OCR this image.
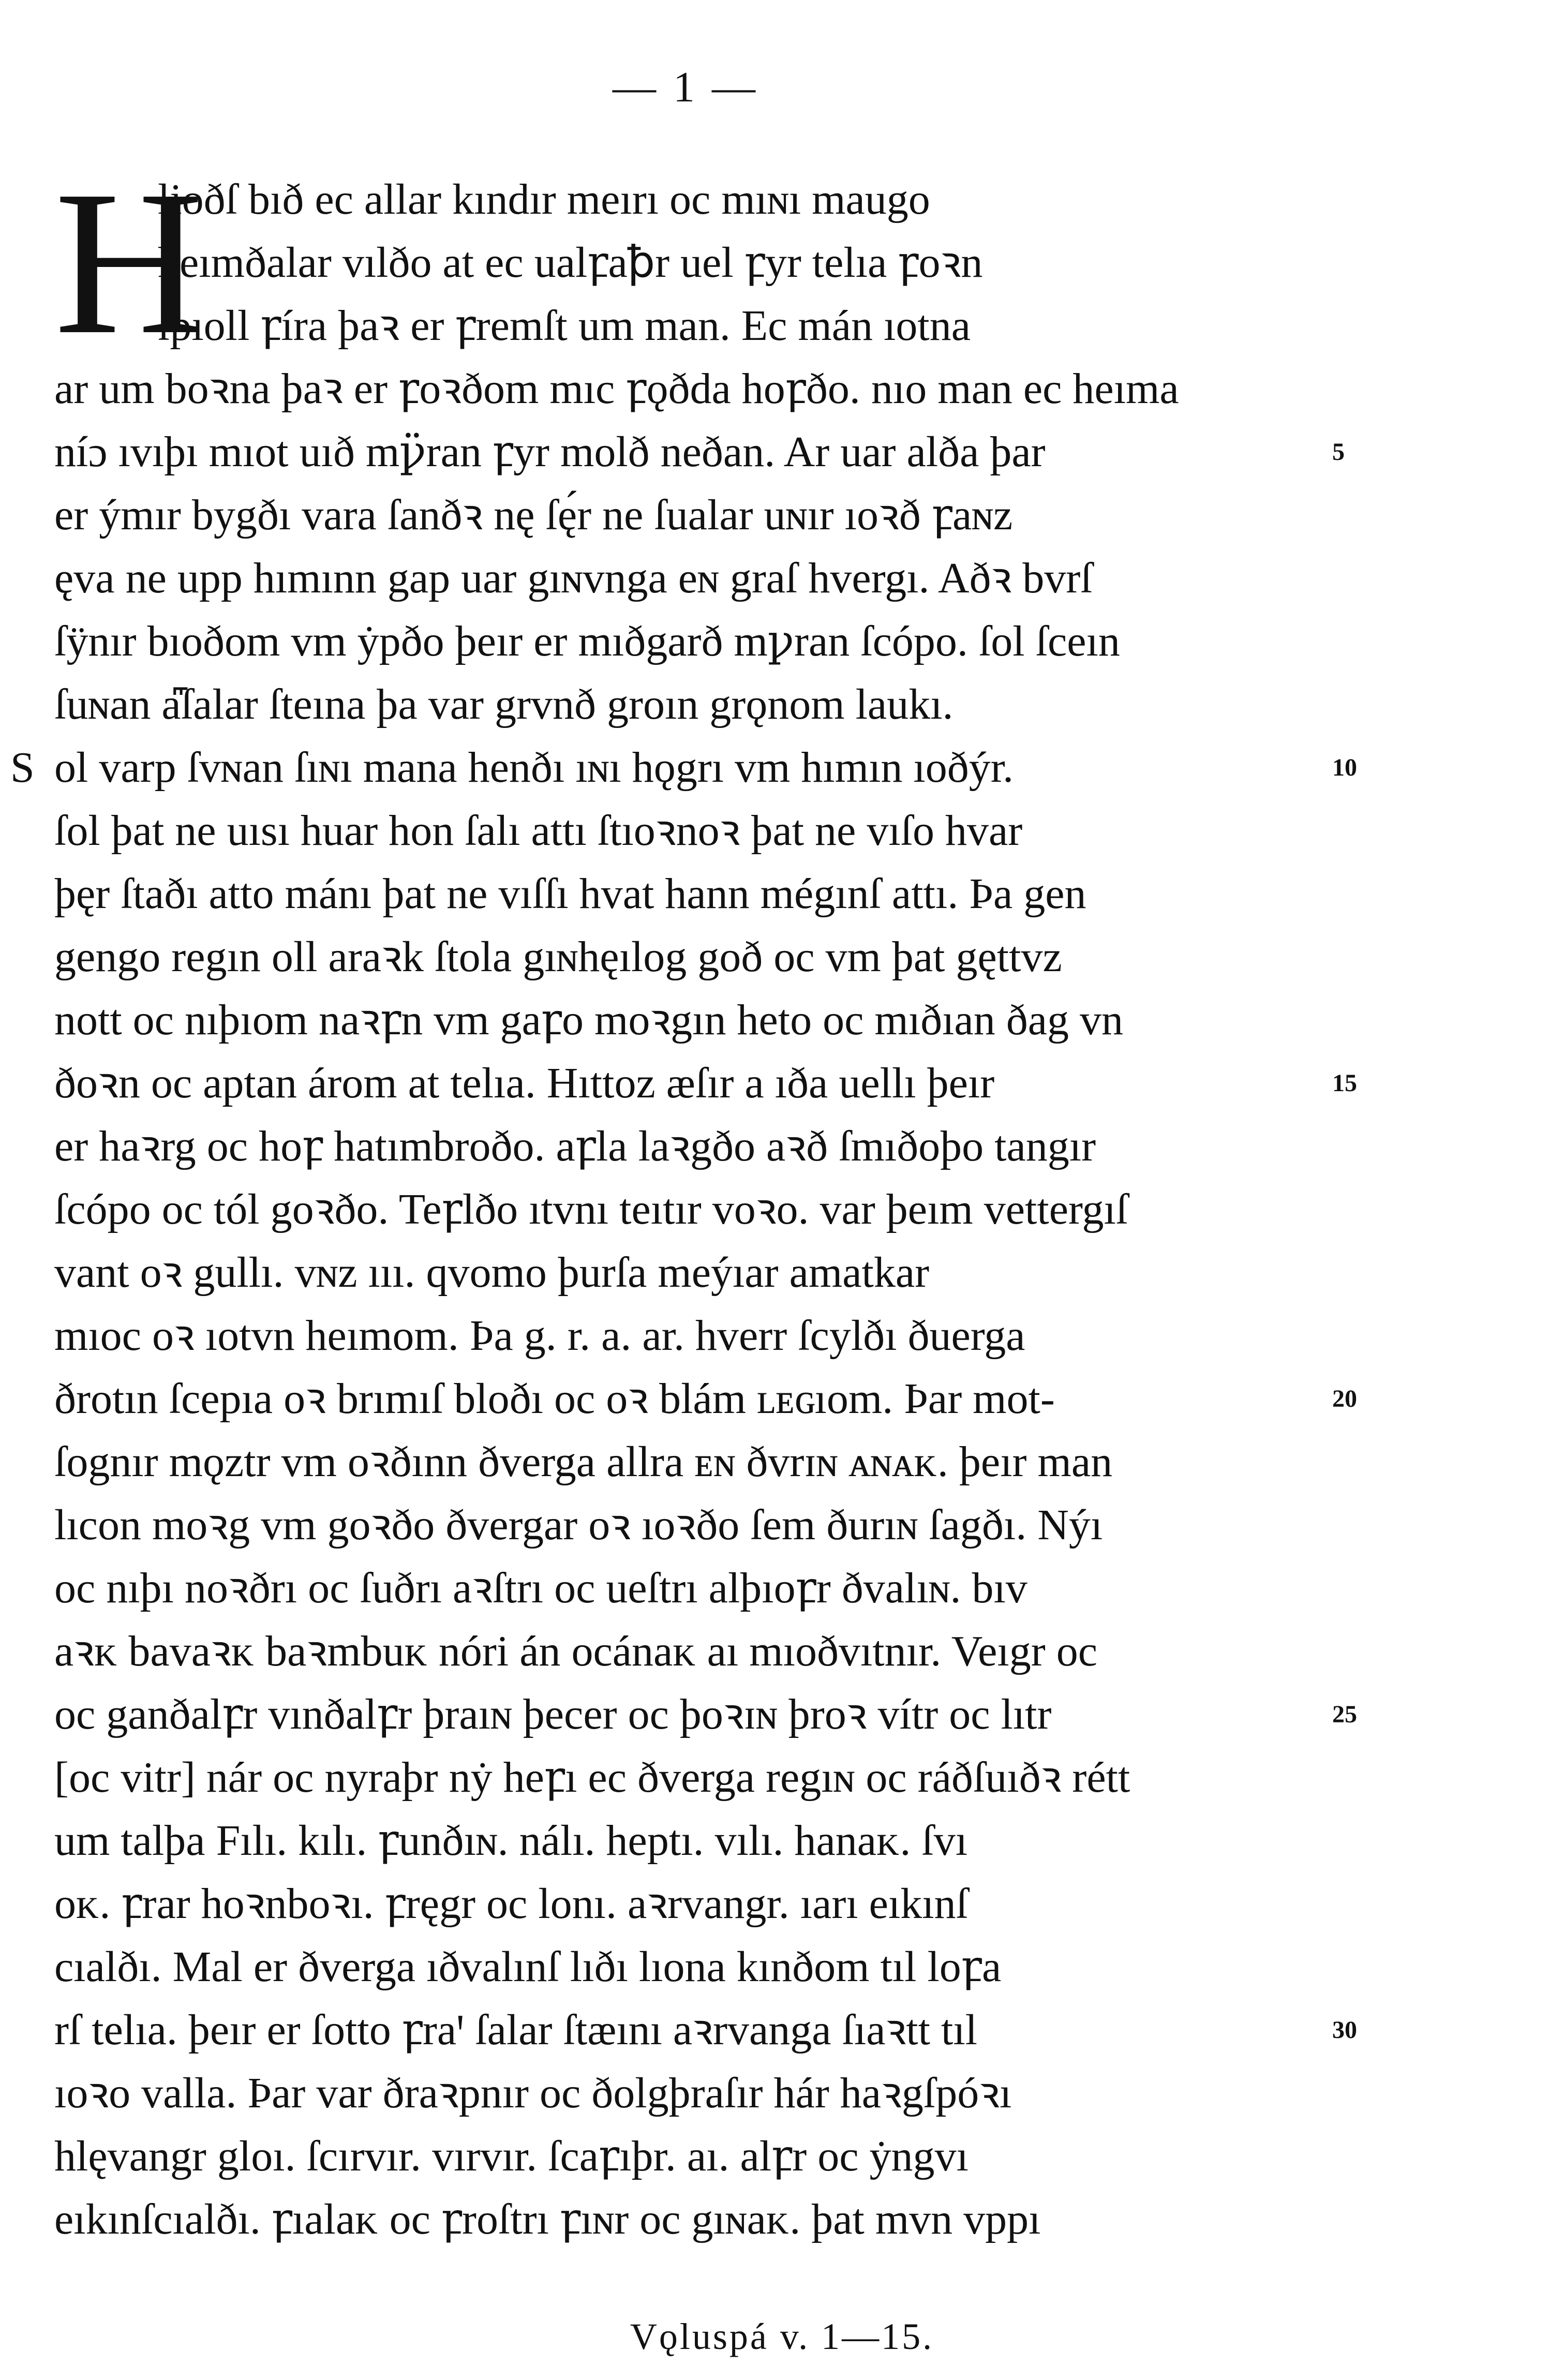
— 1 —
H
lioðſ bıð ec allar kındır meırı oc mıɴı maugo
heımðalar vılðo at ec ualꝼaꝥr uel ꝼyr telıa ꝼoꝛn
ſpıoll ꝼíra þaꝛ er ꝼremſt um man. Ec mán ıotna
ar um boꝛna þaꝛ er ꝼoꝛðom mıc ꝼǫðda hoꝼðo. nıo man ec heıma
níɔ ıvıþı mıot uıð mꝩ̈ran ꝼyr molð neðan. Ar uar alða þar
er ýmır bygðı vara ſanðꝛ nę ſę́r ne ſualar uɴır ıoꝛð ꝼaɴz
ęva ne upp hımınn gap uar gıɴvnga eɴ graſ hvergı. Aðꝛ bvrſ
ſÿnır bıoðom vm ẏpðo þeır er mıðgarð mꝩran ſcópo. ſol ſceın
ſuɴan a꜠ſalar ſteına þa var grvnð groın grǫnom laukı.
ol varp ſvɴan ſıɴı mana henðı ıɴı hǫgrı vm hımın ıoðýr.
ſol þat ne uısı huar hon ſalı attı ſtıoꝛnoꝛ þat ne vıſo hvar
þęr ſtaðı atto mánı þat ne vıſſı hvat hann mégınſ attı. Þa gen
gengo regın oll araꝛk ſtola gıɴhęılog goð oc vm þat gęttvz
nott oc nıþıom naꝛꝼn vm gaꝼo moꝛgın heto oc mıðıan ðag vn
ðoꝛn oc aptan árom at telıa. Hıttoz æſır a ıða uellı þeır
er haꝛrg oc hoꝼ hatımbroðo. aꝼla laꝛgðo aꝛð ſmıðoþo tangır
ſcópo oc tól goꝛðo. Teꝼlðo ıtvnı teıtır voꝛo. var þeım vettergıſ
vant oꝛ gullı. vɴz ııı. qvomo þurſa meýıar amatkar
mıoc oꝛ ıotvn heımom. Þa g. r. a. ar. hverr ſcylðı ðuerga
ðrotın ſcepıa oꝛ brımıſ bloðı oc oꝛ blám ʟᴇɢıom. Þar mot-
ſognır mǫztr vm oꝛðınn ðverga allra ᴇɴ ðvrɪɴ ᴀɴᴀᴋ. þeır man
lıcon moꝛg vm goꝛðo ðvergar oꝛ ıoꝛðo ſem ðurıɴ ſagðı. Nýı
oc nıþı noꝛðrı oc ſuðrı aꝛſtrı oc ueſtrı alþıoꝼr ðvalıɴ. bıv
aꝛᴋ bavaꝛᴋ baꝛmbuᴋ nóri án ocánaᴋ aı mıoðvıtnır. Veıgr oc
oc ganðalꝼr vınðalꝼr þraıɴ þecer oc þoꝛɪɴ þroꝛ vítr oc lıtr
[oc vitr] nár oc nyraþr nẏ heꝼı ec ðverga regıɴ oc ráðſuıðꝛ rétt
um talþa Fılı. kılı. ꝼunðıɴ. nálı. heptı. vılı. hanaᴋ. ſvı
oᴋ. ꝼrar hoꝛnboꝛı. ꝼręgr oc lonı. aꝛrvangr. ıarı eıkınſ
cıalðı. Mal er ðverga ıðvalınſ lıðı lıona kınðom tıl loꝼa
rſ telıa. þeır er ſotto ꝼraꞌ ſalar ſtæını aꝛrvanga ſıaꝛtt tıl
ıoꝛo valla. Þar var ðraꝛpnır oc ðolgþraſır hár haꝛgſpóꝛı
hlęvangr gloı. ſcırvır. vırvır. ſcaꝼıþr. aı. alꝼr oc ẏngvı
eıkınſcıalðı. ꝼıalaᴋ oc ꝼroſtrı ꝼıɴr oc gıɴaᴋ. þat mvn vppı
Vǫluspá v. 1—15.
S
5
10
15
20
25
30
